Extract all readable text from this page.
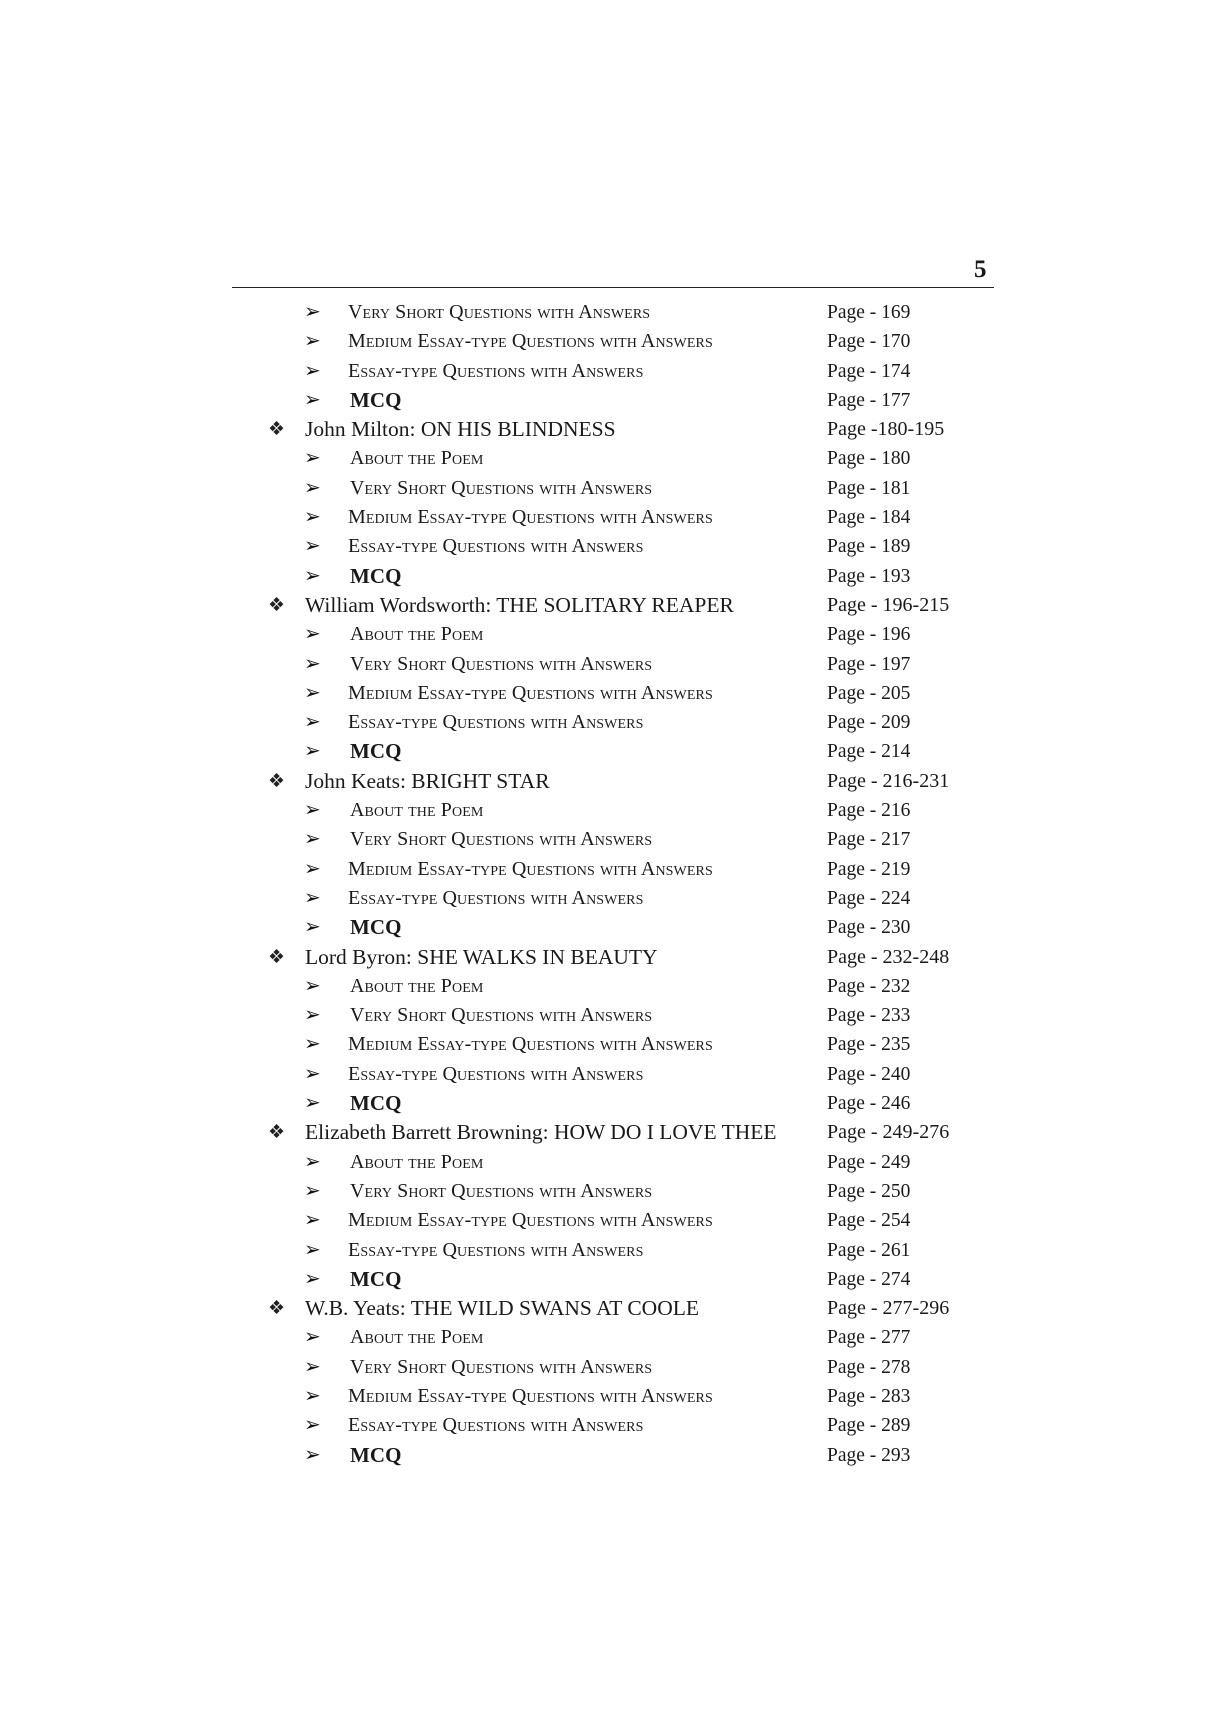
5
➢ Very Short Questions with Answers	Page - 169
➢ Medium Essay-type Questions with Answers	Page - 170
➢ Essay-type Questions with Answers	Page - 174
➢ MCQ	Page - 177
❖ John Milton: ON HIS BLINDNESS	Page -180-195
➢ About the Poem	Page - 180
➢ Very Short Questions with Answers	Page - 181
➢ Medium Essay-type Questions with Answers	Page - 184
➢ Essay-type Questions with Answers	Page - 189
➢ MCQ	Page - 193
❖ William Wordsworth: THE SOLITARY REAPER	Page - 196-215
➢ About the Poem	Page - 196
➢ Very Short Questions with Answers	Page - 197
➢ Medium Essay-type Questions with Answers	Page - 205
➢ Essay-type Questions with Answers	Page - 209
➢ MCQ	Page - 214
❖ John Keats: BRIGHT STAR	Page - 216-231
➢ About the Poem	Page - 216
➢ Very Short Questions with Answers	Page - 217
➢ Medium Essay-type Questions with Answers	Page - 219
➢ Essay-type Questions with Answers	Page - 224
➢ MCQ	Page - 230
❖ Lord Byron: SHE WALKS IN BEAUTY	Page - 232-248
➢ About the Poem	Page - 232
➢ Very Short Questions with Answers	Page - 233
➢ Medium Essay-type Questions with Answers	Page - 235
➢ Essay-type Questions with Answers	Page - 240
➢ MCQ	Page - 246
❖ Elizabeth Barrett Browning: HOW DO I LOVE THEE	Page - 249-276
➢ About the Poem	Page - 249
➢ Very Short Questions with Answers	Page - 250
➢ Medium Essay-type Questions with Answers	Page - 254
➢ Essay-type Questions with Answers	Page - 261
➢ MCQ	Page - 274
❖ W.B. Yeats: THE WILD SWANS AT COOLE	Page - 277-296
➢ About the Poem	Page - 277
➢ Very Short Questions with Answers	Page - 278
➢ Medium Essay-type Questions with Answers	Page - 283
➢ Essay-type Questions with Answers	Page - 289
➢ MCQ	Page - 293
